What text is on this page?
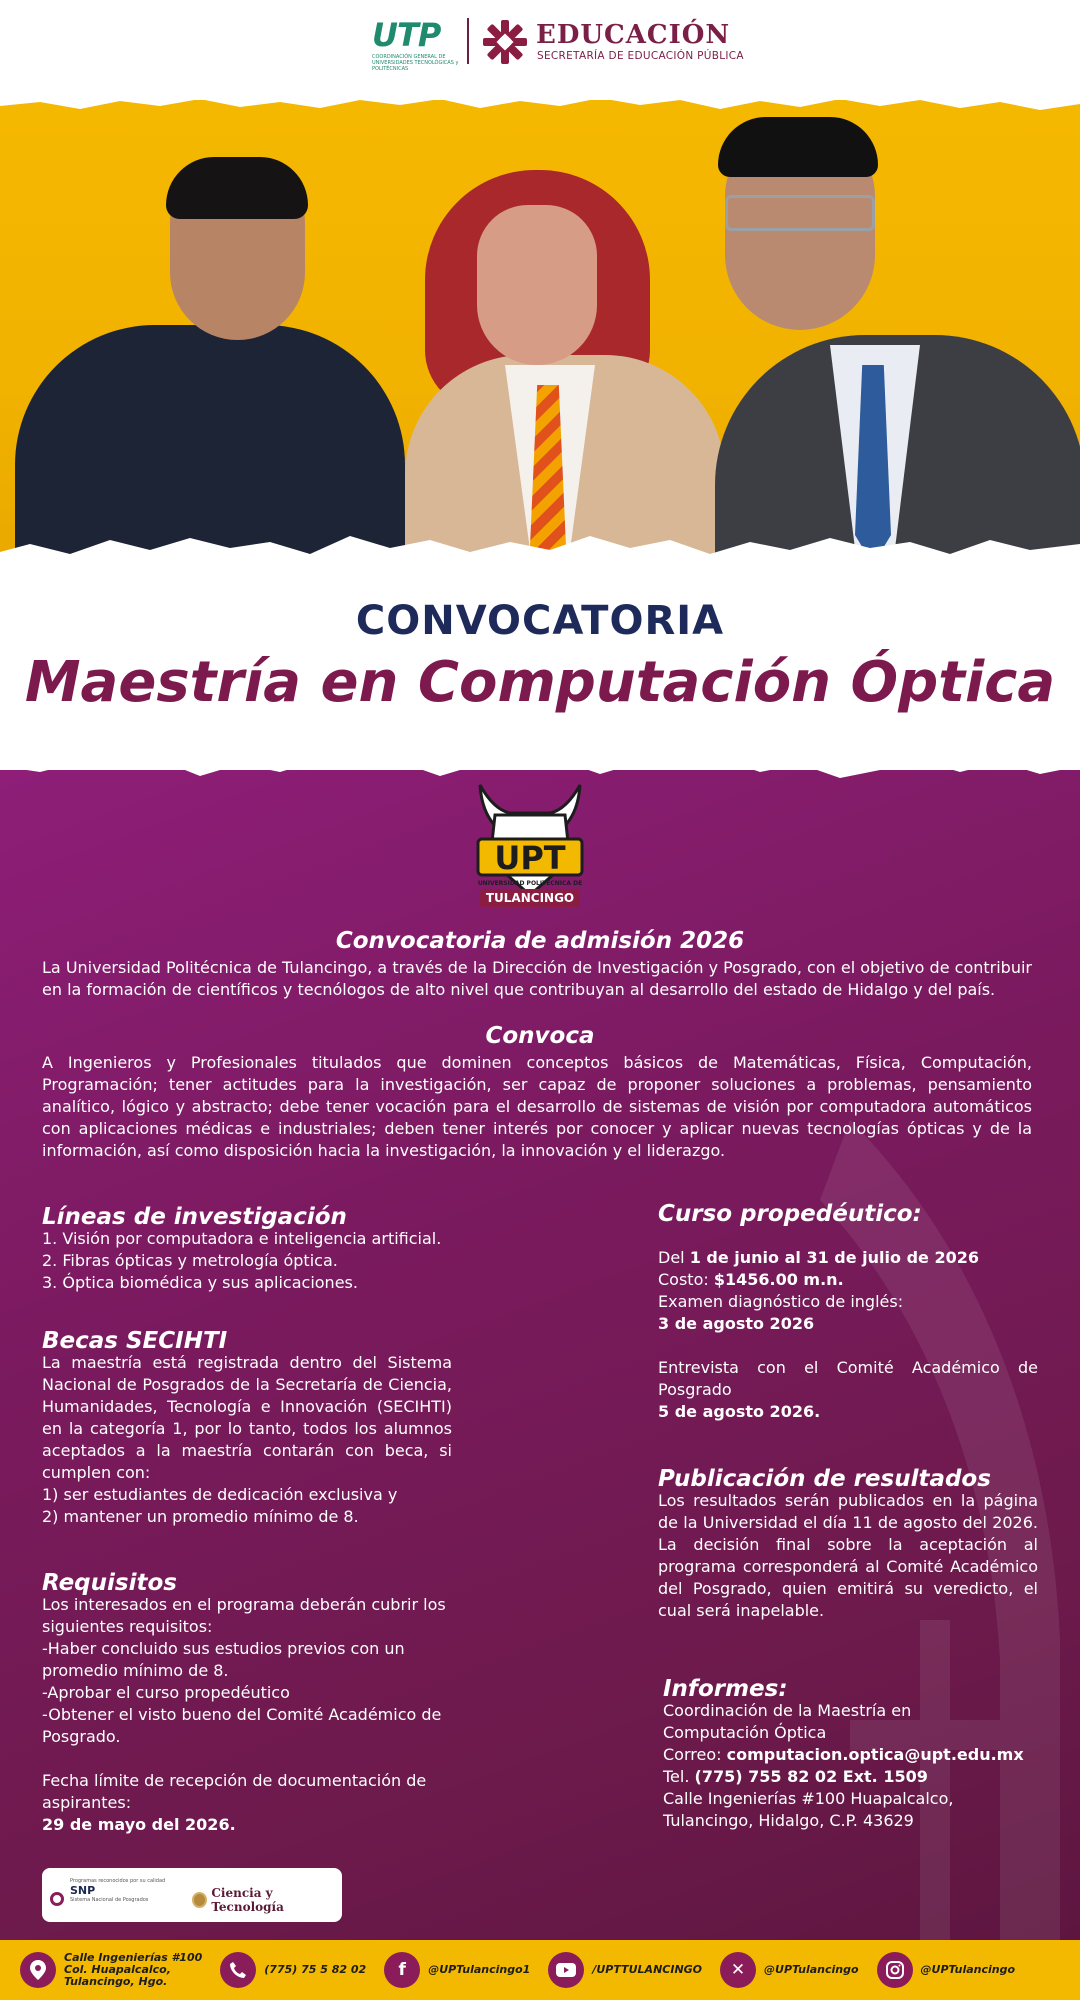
UTP
COORDINACIÓN GENERAL DE UNIVERSIDADES TECNOLÓGICAS y POLITÉCNICAS
EDUCACIÓN
SECRETARÍA DE EDUCACIÓN PÚBLICA
CONVOCATORIA
Maestría en Computación Óptica
UPT
UNIVERSIDAD POLITÉCNICA DE
TULANCINGO
Convocatoria de admisión 2026
La Universidad Politécnica de Tulancingo, a través de la Dirección de Investigación y Posgrado, con el objetivo de contribuir en la formación de científicos y tecnólogos de alto nivel que contribuyan al desarrollo del estado de Hidalgo y del país.
Convoca
A Ingenieros y Profesionales titulados que dominen conceptos básicos de Matemáticas, Física, Computación, Programación; tener actitudes para la investigación, ser capaz de proponer soluciones a problemas, pensamiento analítico, lógico y abstracto; debe tener vocación para el desarrollo de sistemas de visión por computadora automáticos con aplicaciones médicas e industriales; deben tener interés por conocer y aplicar nuevas tecnologías ópticas y de la información, así como disposición hacia la investigación, la innovación y el liderazgo.
Líneas de investigación

1. Visión por computadora e inteligencia artificial.

2. Fibras ópticas y metrología óptica.

3. Óptica biomédica y sus aplicaciones.

Becas SECIHTI

La maestría está registrada dentro del Sistema Nacional de Posgrados de la Secretaría de Ciencia, Humanidades, Tecnología e Innovación (SECIHTI) en la categoría 1, por lo tanto, todos los alumnos aceptados a la maestría contarán con beca, si cumplen con:

1) ser estudiantes de dedicación exclusiva y

2) mantener un promedio mínimo de 8.

Requisitos

Los interesados en el programa deberán cubrir los siguientes requisitos:

-Haber concluido sus estudios previos con un promedio mínimo de 8.

-Aprobar el curso propedéutico

-Obtener el visto bueno del Comité Académico de Posgrado.

Fecha límite de recepción de documentación de aspirantes:

29 de mayo del 2026.

Curso propedéutico:

Del 1 de junio al 31 de julio de 2026

Costo: $1456.00 m.n.

Examen diagnóstico de inglés:

3 de agosto 2026

Entrevista con el Comité Académico de Posgrado

5 de agosto 2026.

Publicación de resultados

Los resultados serán publicados en la página de la Universidad el día 11 de agosto del 2026. La decisión final sobre la aceptación al programa corresponderá al Comité Académico del Posgrado, quien emitirá su veredicto, el cual será inapelable.

Informes:

Coordinación de la Maestría en

Computación Óptica

Correo: computacion.optica@upt.edu.mx

Tel. (775) 755 82 02 Ext. 1509

Calle Ingenierías #100 Huapalcalco,

Tulancingo, Hidalgo, C.P. 43629

Programas reconocidos por su calidad
SNP
Sistema Nacional de Posgrados	Ciencia y Tecnología
Calle Ingenierías #100
Col. Huapalcalco,
Tulancingo, Hgo.
(775) 75 5 82 02	f	@UPTulancingo1	/UPTTULANCINGO	✕	@UPTulancingo	@UPTulancingo
